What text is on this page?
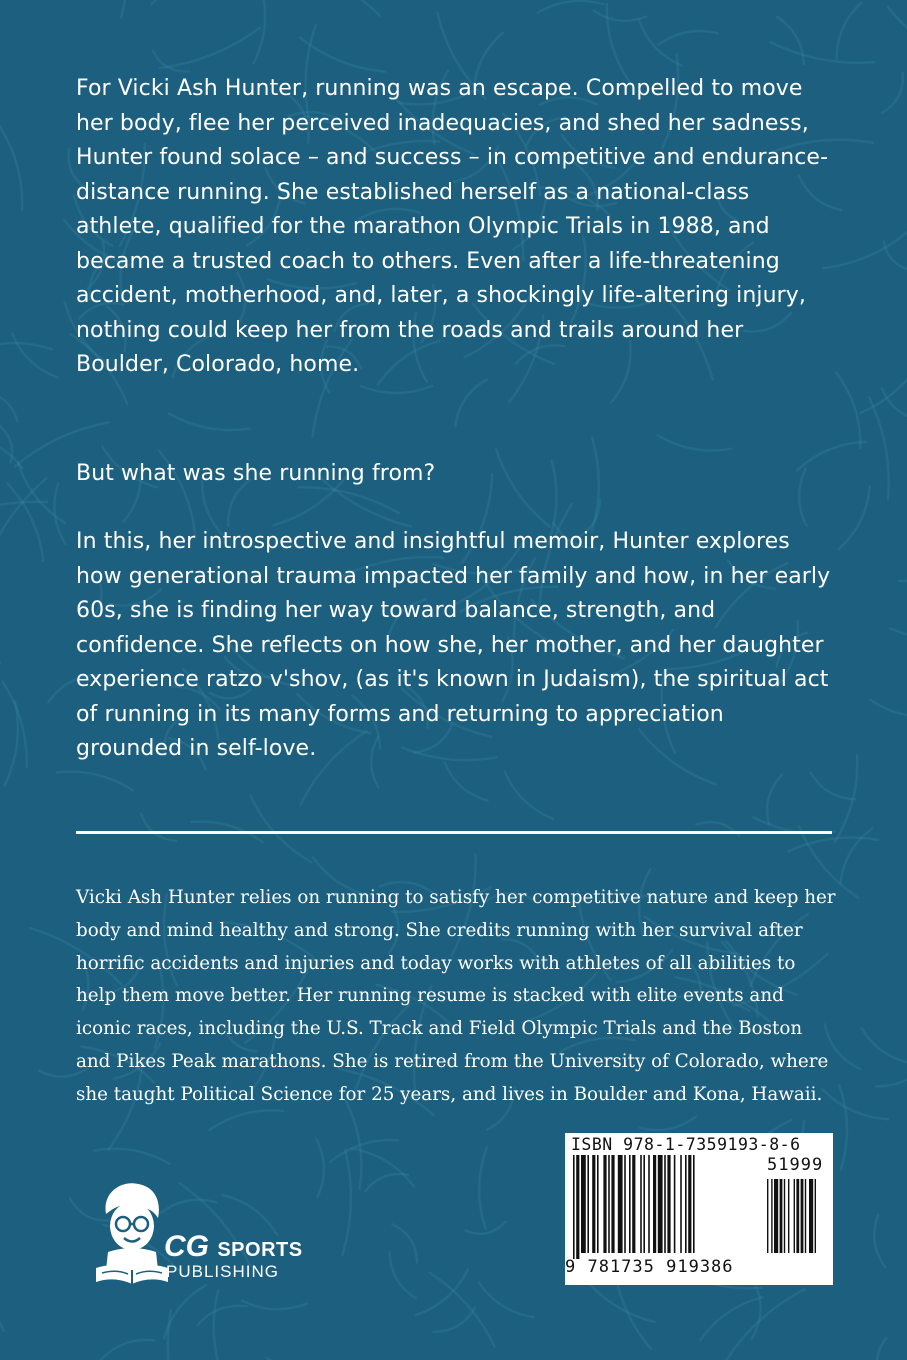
For Vicki Ash Hunter, running was an escape. Compelled to move her body, flee her perceived inadequacies, and shed her sadness, Hunter found solace – and success – in competitive and endurance-distance running. She established herself as a national-class athlete, qualified for the marathon Olympic Trials in 1988, and became a trusted coach to others. Even after a life-threatening accident, motherhood, and, later, a shockingly life-altering injury, nothing could keep her from the roads and trails around her Boulder, Colorado, home.

But what was she running from?

In this, her introspective and insightful memoir, Hunter explores how generational trauma impacted her family and how, in her early 60s, she is finding her way toward balance, strength, and confidence. She reflects on how she, her mother, and her daughter experience ratzo v'shov, (as it's known in Judaism), the spiritual act of running in its many forms and returning to appreciation grounded in self-love.

Vicki Ash Hunter relies on running to satisfy her competitive nature and keep her body and mind healthy and strong. She credits running with her survival after horrific accidents and injuries and today works with athletes of all abilities to help them move better. Her running resume is stacked with elite events and iconic races, including the U.S. Track and Field Olympic Trials and the Boston and Pikes Peak marathons. She is retired from the University of Colorado, where she taught Political Science for 25 years, and lives in Boulder and Kona, Hawaii.

ISBN 978-1-7359193-8-6
51999
9 781735 919386
CG SPORTS
PUBLISHING
